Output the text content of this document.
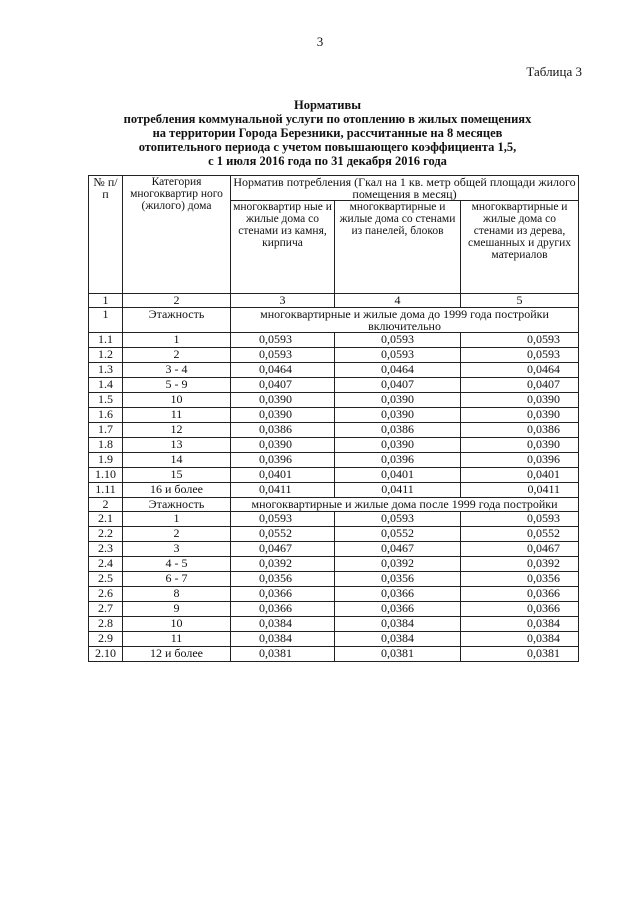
3
Таблица 3
Нормативы
потребления коммунальной услуги по отоплению в жилых помещениях
на территории Города Березники, рассчитанные на 8 месяцев
отопительного периода с учетом повышающего коэффициента 1,5,
с 1 июля 2016 года по 31 декабря 2016 года
№ п/п	Категория многоквартир ного (жилого) дома	Норматив потребления (Гкал на 1 кв. метр общей площади жилого помещения в месяц)		
		многоквартир ные и жилые дома со стенами из камня, кирпича	многоквартирные и жилые дома со стенами из панелей, блоков	многоквартирные и жилые дома со стенами из дерева, смешанных и других материалов
1	2	3	4	5
1	Этажность	многоквартирные и жилые дома до 1999 года постройки включительно		
1.1	1	0,0593	0,0593	0,0593
1.2	2	0,0593	0,0593	0,0593
1.3	3 - 4	0,0464	0,0464	0,0464
1.4	5 - 9	0,0407	0,0407	0,0407
1.5	10	0,0390	0,0390	0,0390
1.6	11	0,0390	0,0390	0,0390
1.7	12	0,0386	0,0386	0,0386
1.8	13	0,0390	0,0390	0,0390
1.9	14	0,0396	0,0396	0,0396
1.10	15	0,0401	0,0401	0,0401
1.11	16 и более	0,0411	0,0411	0,0411
2	Этажность	многоквартирные и жилые дома после 1999 года постройки		
2.1	1	0,0593	0,0593	0,0593
2.2	2	0,0552	0,0552	0,0552
2.3	3	0,0467	0,0467	0,0467
2.4	4 - 5	0,0392	0,0392	0,0392
2.5	6 - 7	0,0356	0,0356	0,0356
2.6	8	0,0366	0,0366	0,0366
2.7	9	0,0366	0,0366	0,0366
2.8	10	0,0384	0,0384	0,0384
2.9	11	0,0384	0,0384	0,0384
2.10	12 и более	0,0381	0,0381	0,0381
